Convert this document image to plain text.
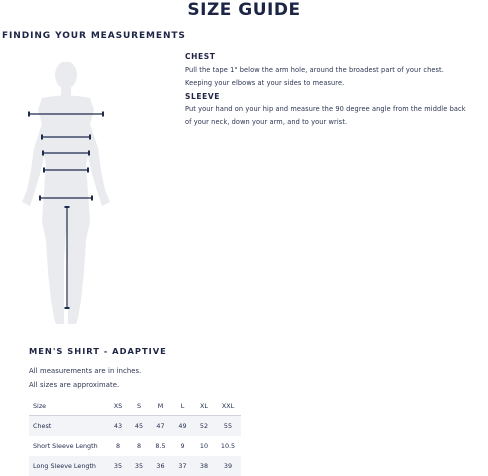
SIZE GUIDE
FINDING YOUR MEASUREMENTS

CHEST

Pull the tape 1" below the arm hole, around the broadest part of your chest.

Keeping your elbows at your sides to measure.

SLEEVE

Put your hand on your hip and measure the 90 degree angle from the middle back

of your neck, down your arm, and to your wrist.

MEN'S SHIRT - ADAPTIVE
All measurements are in inches.
All sizes are approximate.
Size	XS	S	M	L	XL	XXL
Chest	43	45	47	49	52	55
Short Sleeve Length	8	8	8.5	9	10	10.5
Long Sleeve Length	35	35	36	37	38	39
